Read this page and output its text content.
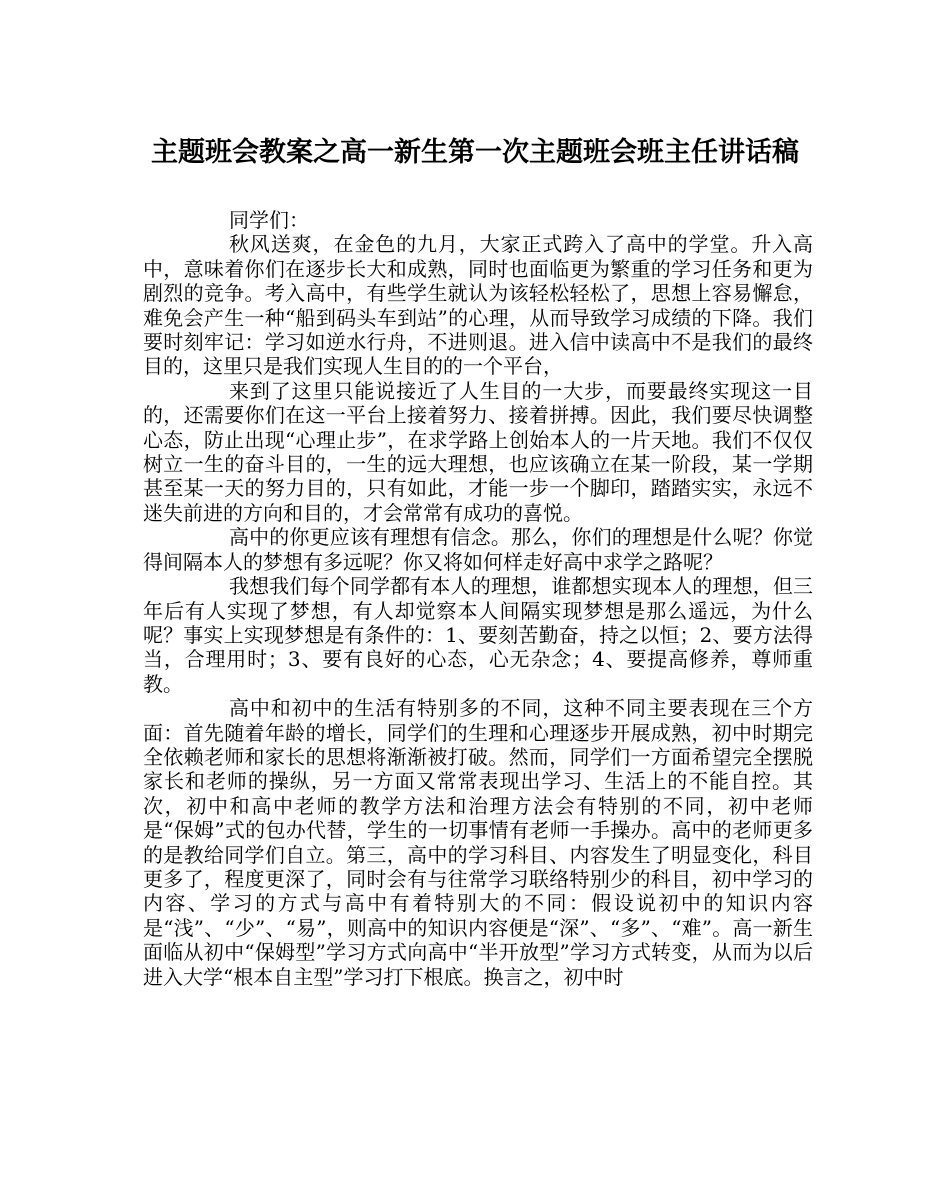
主题班会教案之高一新生第一次主题班会班主任讲话稿

同学们：

秋风送爽，在金色的九月，大家正式跨入了高中的学堂。升入高中，意味着你们在逐步长大和成熟，同时也面临更为繁重的学习任务和更为剧烈的竞争。考入高中，有些学生就认为该轻松轻松了，思想上容易懈怠，难免会产生一种“船到码头车到站”的心理，从而导致学习成绩的下降。我们要时刻牢记：学习如逆水行舟，不进则退。进入信中读高中不是我们的最终目的，这里只是我们实现人生目的的一个平台，

来到了这里只能说接近了人生目的一大步，而要最终实现这一目的，还需要你们在这一平台上接着努力、接着拼搏。因此，我们要尽快调整心态，防止出现“心理止步”，在求学路上创始本人的一片天地。我们不仅仅树立一生的奋斗目的，一生的远大理想，也应该确立在某一阶段，某一学期甚至某一天的努力目的，只有如此，才能一步一个脚印，踏踏实实，永远不迷失前进的方向和目的，才会常常有成功的喜悦。

高中的你更应该有理想有信念。那么，你们的理想是什么呢？你觉得间隔本人的梦想有多远呢？你又将如何样走好高中求学之路呢？

我想我们每个同学都有本人的理想，谁都想实现本人的理想，但三年后有人实现了梦想，有人却觉察本人间隔实现梦想是那么遥远，为什么呢？事实上实现梦想是有条件的：1、要刻苦勤奋，持之以恒；2、要方法得当，合理用时；3、要有良好的心态，心无杂念；4、要提高修养，尊师重教。

高中和初中的生活有特别多的不同，这种不同主要表现在三个方面：首先随着年龄的增长，同学们的生理和心理逐步开展成熟，初中时期完全依赖老师和家长的思想将渐渐被打破。然而，同学们一方面希望完全摆脱家长和老师的操纵，另一方面又常常表现出学习、生活上的不能自控。其次，初中和高中老师的教学方法和治理方法会有特别的不同，初中老师是“保姆”式的包办代替，学生的一切事情有老师一手操办。高中的老师更多的是教给同学们自立。第三，高中的学习科目、内容发生了明显变化，科目更多了，程度更深了，同时会有与往常学习联络特别少的科目，初中学习的内容、学习的方式与高中有着特别大的不同：假设说初中的知识内容是“浅”、“少”、“易”，则高中的知识内容便是“深”、“多”、“难”。高一新生面临从初中“保姆型”学习方式向高中“半开放型”学习方式转变，从而为以后进入大学“根本自主型”学习打下根底。换言之，初中时
